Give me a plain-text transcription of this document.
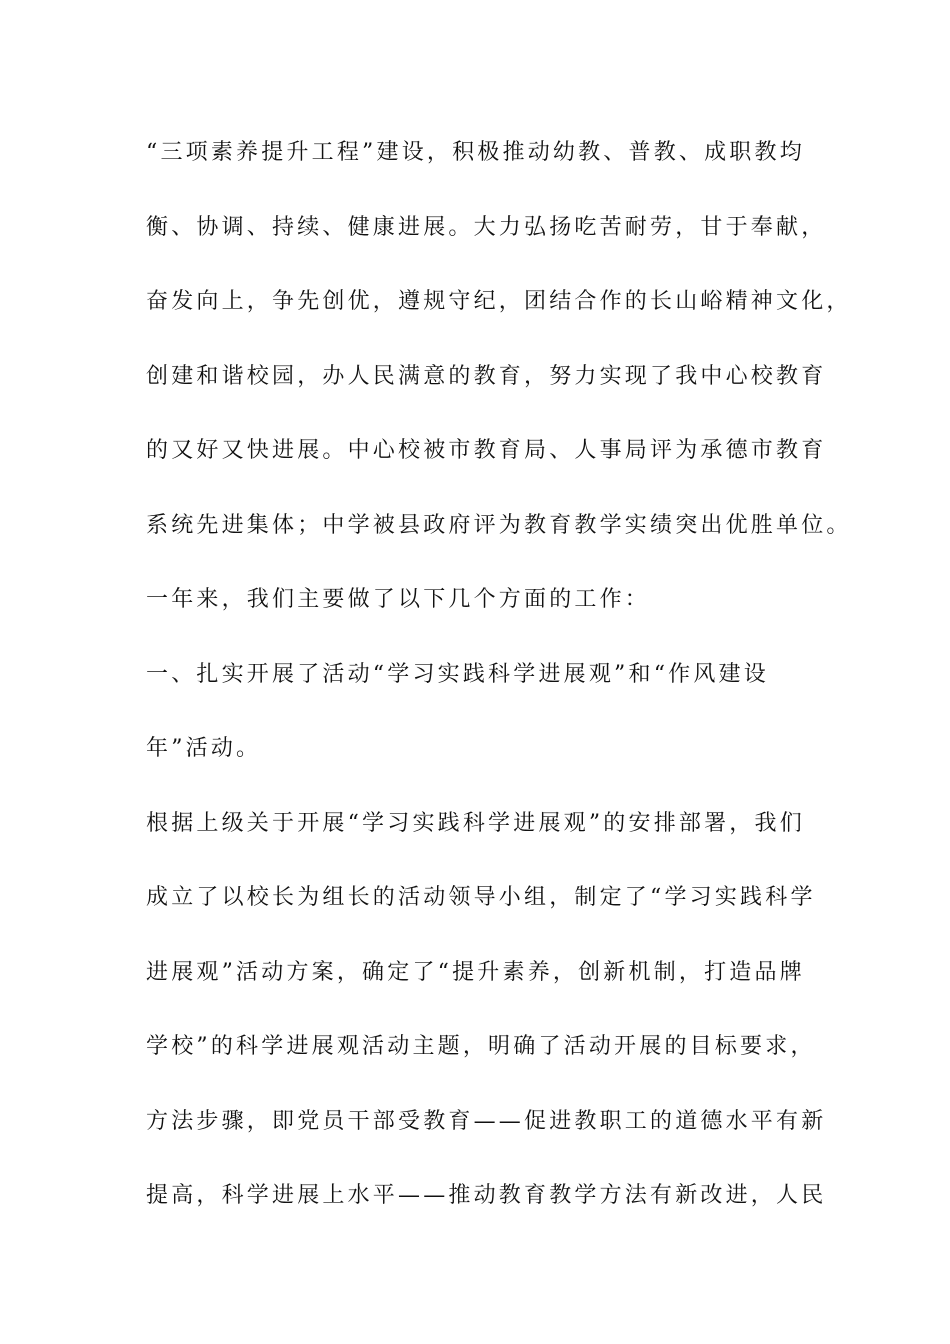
“三项素养提升工程”建设，积极推动幼教、普教、成职教均
衡、协调、持续、健康进展。大力弘扬吃苦耐劳，甘于奉献，
奋发向上，争先创优，遵规守纪，团结合作的长山峪精神文化，
创建和谐校园，办人民满意的教育，努力实现了我中心校教育
的又好又快进展。中心校被市教育局、人事局评为承德市教育
系统先进集体；中学被县政府评为教育教学实绩突出优胜单位。
一年来，我们主要做了以下几个方面的工作：
一、扎实开展了活动“学习实践科学进展观”和“作风建设
年”活动。
根据上级关于开展“学习实践科学进展观”的安排部署，我们
成立了以校长为组长的活动领导小组，制定了“学习实践科学
进展观”活动方案，确定了“提升素养，创新机制，打造品牌
学校”的科学进展观活动主题，明确了活动开展的目标要求，
方法步骤，即党员干部受教育——促进教职工的道德水平有新
提高，科学进展上水平——推动教育教学方法有新改进，人民
